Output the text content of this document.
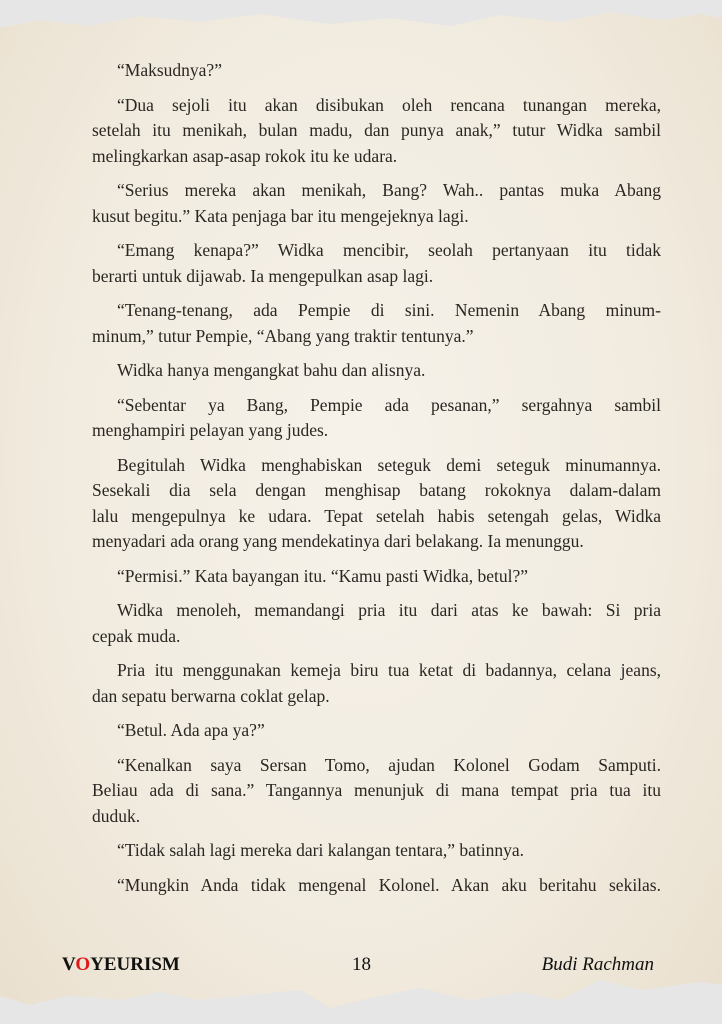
“Maksudnya?”
“Dua sejoli itu akan disibukan oleh rencana tunangan mereka,
setelah itu menikah, bulan madu, dan punya anak,” tutur Widka sambil
melingkarkan asap-asap rokok itu ke udara.
“Serius mereka akan menikah, Bang? Wah.. pantas muka Abang
kusut begitu.” Kata penjaga bar itu mengejeknya lagi.
“Emang kenapa?” Widka mencibir, seolah pertanyaan itu tidak
berarti untuk dijawab. Ia mengepulkan asap lagi.
“Tenang-tenang, ada Pempie di sini. Nemenin Abang minum-
minum,” tutur Pempie, “Abang yang traktir tentunya.”
Widka hanya mengangkat bahu dan alisnya.
“Sebentar ya Bang, Pempie ada pesanan,” sergahnya sambil
menghampiri pelayan yang judes.
Begitulah Widka menghabiskan seteguk demi seteguk minumannya.
Sesekali dia sela dengan menghisap batang rokoknya dalam-dalam
lalu mengepulnya ke udara. Tepat setelah habis setengah gelas, Widka
menyadari ada orang yang mendekatinya dari belakang. Ia menunggu.
“Permisi.” Kata bayangan itu. “Kamu pasti Widka, betul?”
Widka menoleh, memandangi pria itu dari atas ke bawah: Si pria
cepak muda.
Pria itu menggunakan kemeja biru tua ketat di badannya, celana jeans,
dan sepatu berwarna coklat gelap.
“Betul. Ada apa ya?”
“Kenalkan saya Sersan Tomo, ajudan Kolonel Godam Samputi.
Beliau ada di sana.” Tangannya menunjuk di mana tempat pria tua itu
duduk.
“Tidak salah lagi mereka dari kalangan tentara,” batinnya.
“Mungkin Anda tidak mengenal Kolonel. Akan aku beritahu sekilas.
VOYEURISM	18	Budi Rachman
